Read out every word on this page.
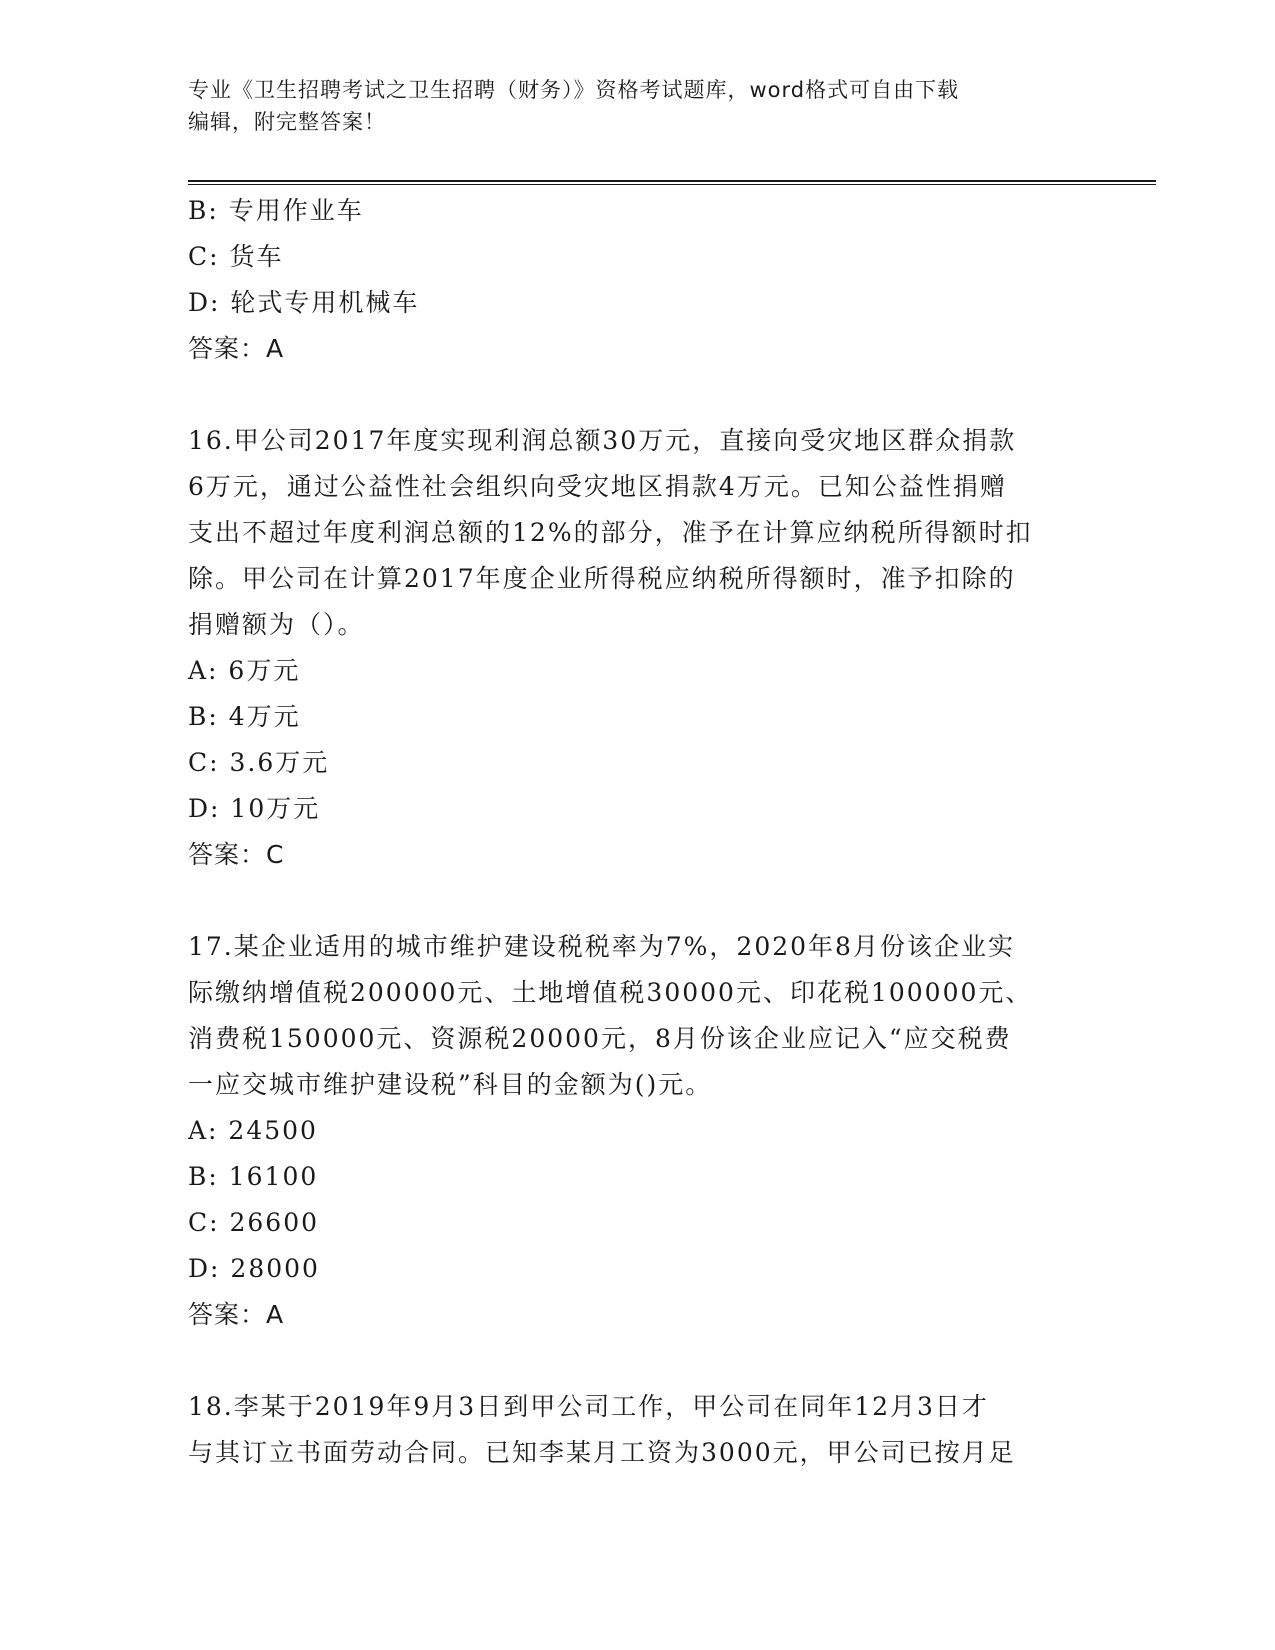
专业《卫生招聘考试之卫生招聘（财务）》资格考试题库，word格式可自由下载
编辑，附完整答案！
B: 专用作业车
C: 货车
D: 轮式专用机械车
答案：A
16.甲公司2017年度实现利润总额30万元，直接向受灾地区群众捐款
6万元，通过公益性社会组织向受灾地区捐款4万元。已知公益性捐赠
支出不超过年度利润总额的12%的部分，准予在计算应纳税所得额时扣
除。甲公司在计算2017年度企业所得税应纳税所得额时，准予扣除的
捐赠额为（）。
A: 6万元
B: 4万元
C: 3.6万元
D: 10万元
答案：C
17.某企业适用的城市维护建设税税率为7%，2020年8月份该企业实
际缴纳增值税200000元、土地增值税30000元、印花税100000元、
消费税150000元、资源税20000元，8月份该企业应记入“应交税费
一应交城市维护建设税”科目的金额为()元。
A: 24500
B: 16100
C: 26600
D: 28000
答案：A
18.李某于2019年9月3日到甲公司工作，甲公司在同年12月3日才
与其订立书面劳动合同。已知李某月工资为3000元，甲公司已按月足
